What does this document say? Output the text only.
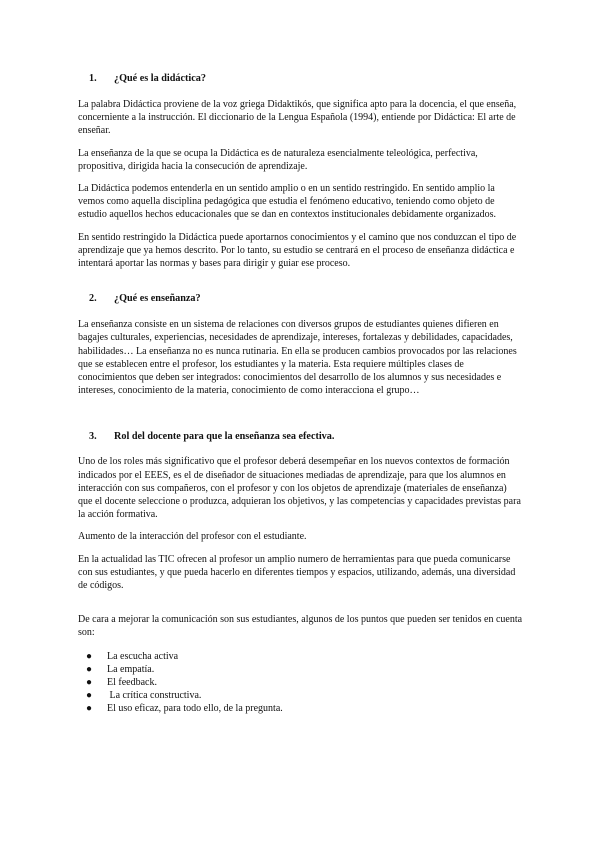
1.	¿Qué es la didáctica?

La palabra Didáctica proviene de la voz griega Didaktikós, que significa apto para la docencia, el que enseña, concerniente a la instrucción. El diccionario de la Lengua Española (1994), entiende por Didáctica: El arte de enseñar.

La enseñanza de la que se ocupa la Didáctica es de naturaleza esencialmente teleológica, perfectiva, propositiva, dirigida hacia la consecución de aprendizaje.

La Didáctica podemos entenderla en un sentido amplio o en un sentido restringido. En sentido amplio la vemos como aquella disciplina pedagógica que estudia el fenómeno educativo, teniendo como objeto de estudio aquellos hechos educacionales que se dan en contextos institucionales debidamente organizados.

En sentido restringido la Didáctica puede aportarnos conocimientos y el camino que nos conduzcan el tipo de aprendizaje que ya hemos descrito. Por lo tanto, su estudio se centrará en el proceso de enseñanza didáctica e intentará aportar las normas y bases para dirigir y guiar ese proceso.

2.	¿Qué es enseñanza?

La enseñanza consiste en un sistema de relaciones con diversos grupos de estudiantes quienes difieren en bagajes culturales, experiencias, necesidades de aprendizaje, intereses, fortalezas y debilidades, capacidades, habilidades… La enseñanza no es nunca rutinaria. En ella se producen cambios provocados por las relaciones que se establecen entre el profesor, los estudiantes y la materia. Esta requiere múltiples clases de conocimientos que deben ser integrados: conocimientos del desarrollo de los alumnos y sus necesidades e intereses, conocimiento de la materia, conocimiento de como interacciona el grupo…

3.	Rol del docente para que la enseñanza sea efectiva.

Uno de los roles más significativo que el profesor deberá desempeñar en los nuevos contextos de formación indicados por el EEES, es el de diseñador de situaciones mediadas de aprendizaje, para que los alumnos en interacción con sus compañeros, con el profesor y con los objetos de aprendizaje (materiales de enseñanza) que el docente seleccione o produzca, adquieran los objetivos, y las competencias y capacidades previstas para la acción formativa.

Aumento de la interacción del profesor con el estudiante.

En la actualidad las TIC ofrecen al profesor un amplio numero de herramientas para que pueda comunicarse con sus estudiantes, y que pueda hacerlo en diferentes tiempos y espacios, utilizando, además, una diversidad de códigos.

De cara a mejorar la comunicación son sus estudiantes, algunos de los puntos que pueden ser tenidos en cuenta son:

● La escucha activa
● La empatía.
● El feedback.
● La crítica constructiva.
● El uso eficaz, para todo ello, de la pregunta.
